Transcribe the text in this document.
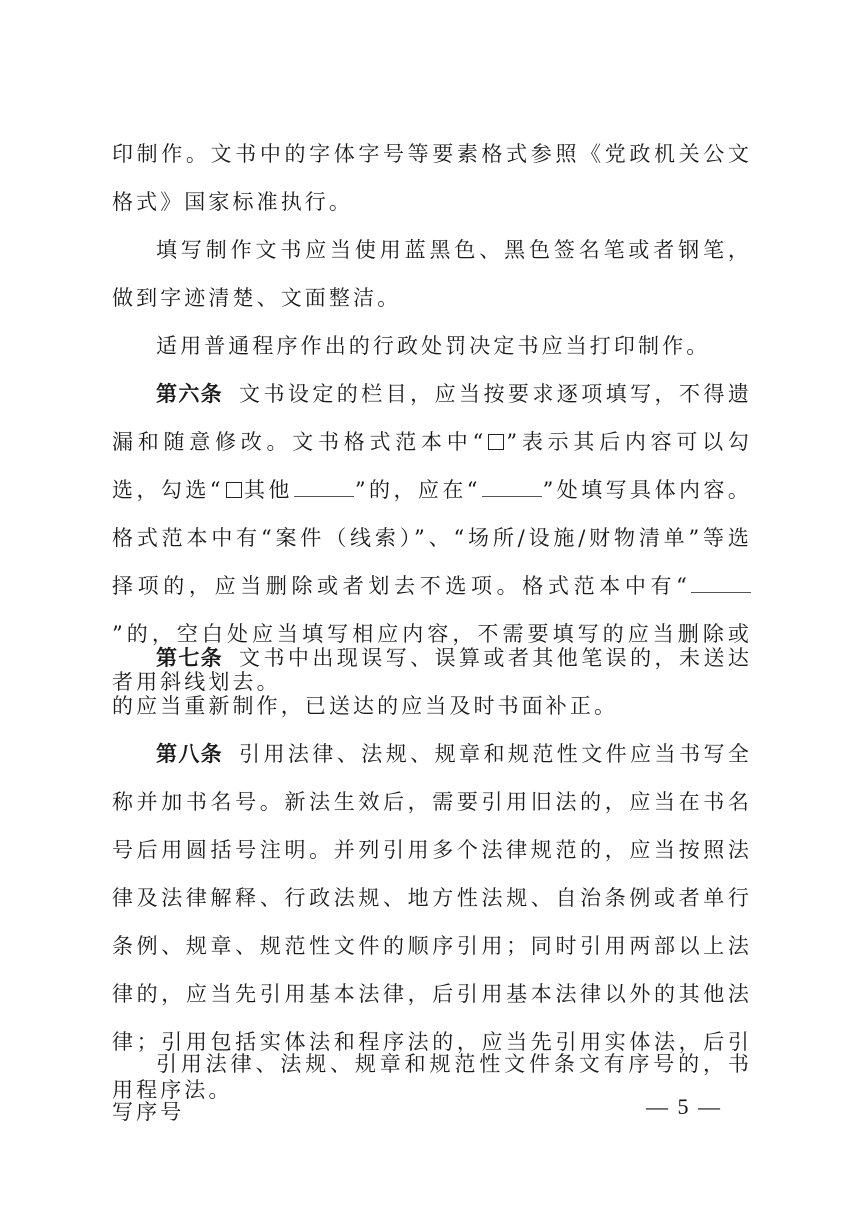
印制作。文书中的字体字号等要素格式参照《党政机关公文格式》国家标准执行。

填写制作文书应当使用蓝黑色、黑色签名笔或者钢笔，做到字迹清楚、文面整洁。

适用普通程序作出的行政处罚决定书应当打印制作。

第六条 文书设定的栏目，应当按要求逐项填写，不得遗漏和随意修改。文书格式范本中“ ”表示其后内容可以勾选，勾选“ 其他	”的，应在“	”处填写具体内容。格式范本中有“案件（线索）”、“场所/设施/财物清单”等选择项的，应当删除或者划去不选项。格式范本中有“”的，空白处应当填写相应内容，不需要填写的应当删除或者用斜线划去。

第七条 文书中出现误写、误算或者其他笔误的，未送达的应当重新制作，已送达的应当及时书面补正。

第八条 引用法律、法规、规章和规范性文件应当书写全称并加书名号。新法生效后，需要引用旧法的，应当在书名号后用圆括号注明。并列引用多个法律规范的，应当按照法律及法律解释、行政法规、地方性法规、自治条例或者单行条例、规章、规范性文件的顺序引用；同时引用两部以上法律的，应当先引用基本法律，后引用基本法律以外的其他法律；引用包括实体法和程序法的，应当先引用实体法，后引用程序法。

引用法律、法规、规章和规范性文件条文有序号的，书写序号	— 5 —
